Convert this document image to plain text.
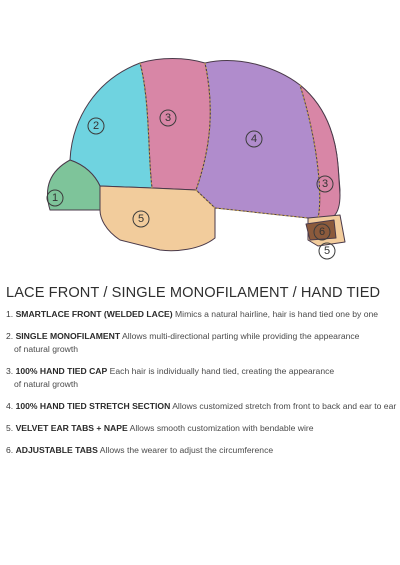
1
2
3
4
3
5
6
5
LACE FRONT / SINGLE MONOFILAMENT / HAND TIED
1. SMARTLACE FRONT (WELDED LACE) Mimics a natural hairline, hair is hand tied one by one
2. SINGLE MONOFILAMENT Allows multi-directional parting while providing the appearance
of natural growth
3. 100% HAND TIED CAP Each hair is individually hand tied, creating the appearance
of natural growth
4. 100% HAND TIED STRETCH SECTION Allows customized stretch from front to back and ear to ear
5. VELVET EAR TABS + NAPE Allows smooth customization with bendable wire
6. ADJUSTABLE TABS Allows the wearer to adjust the circumference
